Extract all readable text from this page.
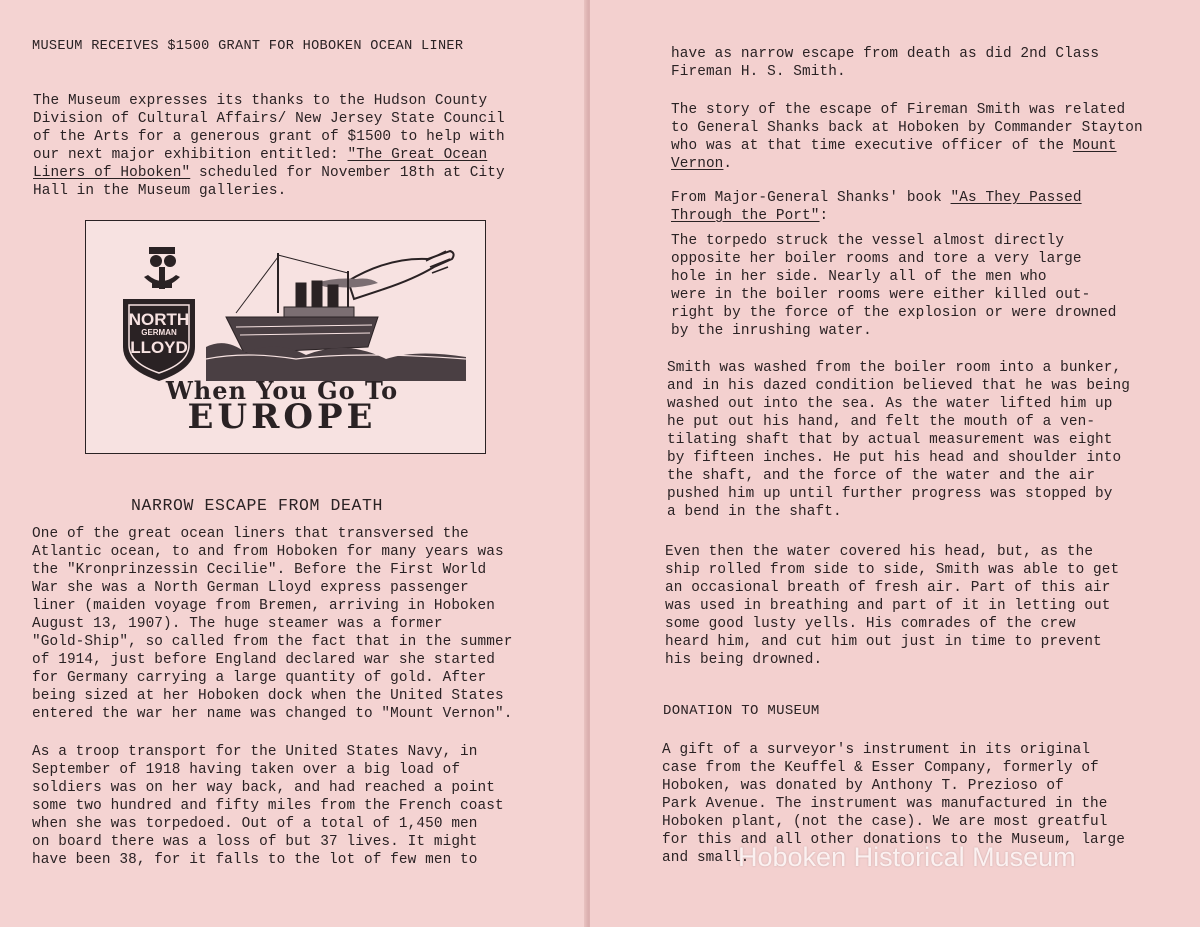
MUSEUM RECEIVES $1500 GRANT FOR HOBOKEN OCEAN LINER
The Museum expresses its thanks to the Hudson County
Division of Cultural Affairs/ New Jersey State Council
of the Arts for a generous grant of $1500 to help with
our next major exhibition entitled: "The Great Ocean
Liners of Hoboken" scheduled for November 18th at City
Hall in the Museum galleries.
NORTH
GERMAN
LLOYD
When You Go To
EUROPE
NARROW ESCAPE FROM DEATH
One of the great ocean liners that transversed the
Atlantic ocean, to and from Hoboken for many years was
the "Kronprinzessin Cecilie". Before the First World
War she was a North German Lloyd express passenger
liner (maiden voyage from Bremen, arriving in Hoboken
August 13, 1907). The huge steamer was a former
"Gold-Ship", so called from the fact that in the summer
of 1914, just before England declared war she started
for Germany carrying a large quantity of gold. After
being sized at her Hoboken dock when the United States
entered the war her name was changed to "Mount Vernon".
As a troop transport for the United States Navy, in
September of 1918 having taken over a big load of
soldiers was on her way back, and had reached a point
some two hundred and fifty miles from the French coast
when she was torpedoed. Out of a total of 1,450 men
on board there was a loss of but 37 lives. It might
have been 38, for it falls to the lot of few men to
have as narrow escape from death as did 2nd Class
Fireman H. S. Smith.
The story of the escape of Fireman Smith was related
to General Shanks back at Hoboken by Commander Stayton
who was at that time executive officer of the Mount
Vernon.
From Major-General Shanks' book "As They Passed
Through the Port":
The torpedo struck the vessel almost directly
opposite her boiler rooms and tore a very large
hole in her side. Nearly all of the men who
were in the boiler rooms were either killed out-
right by the force of the explosion or were drowned
by the inrushing water.
Smith was washed from the boiler room into a bunker,
and in his dazed condition believed that he was being
washed out into the sea. As the water lifted him up
he put out his hand, and felt the mouth of a ven-
tilating shaft that by actual measurement was eight
by fifteen inches. He put his head and shoulder into
the shaft, and the force of the water and the air
pushed him up until further progress was stopped by
a bend in the shaft.
Even then the water covered his head, but, as the
ship rolled from side to side, Smith was able to get
an occasional breath of fresh air. Part of this air
was used in breathing and part of it in letting out
some good lusty yells. His comrades of the crew
heard him, and cut him out just in time to prevent
his being drowned.
DONATION TO MUSEUM
A gift of a surveyor's instrument in its original
case from the Keuffel & Esser Company, formerly of
Hoboken, was donated by Anthony T. Prezioso of
Park Avenue. The instrument was manufactured in the
Hoboken plant, (not the case). We are most greatful
for this and all other donations to the Museum, large
and small.
Hoboken Historical Museum
